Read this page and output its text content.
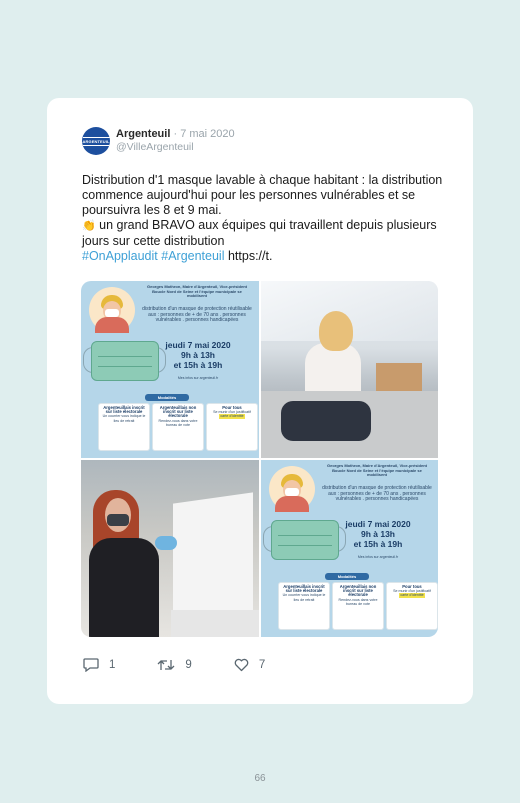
ARGENTEUIL
Argenteuil · 7 mai 2020
@VilleArgenteuil

Distribution d'1 masque lavable à chaque habitant : la distribution commence aujourd'hui pour les personnes vulnérables et se poursuivra les 8 et 9 mai.

👏 un grand BRAVO aux équipes qui travaillent depuis plusieurs jours sur cette distribution

#OnApplaudit #Argenteuil https://t.

Georges Mothron, Maire d'Argenteuil, Vice-président Boucle Nord de Seine et l'équipe municipale se mobilisent
distribution d'un masque de protection réutilisable aux : personnes de + de 70 ans . personnes vulnérables . personnes handicapées
jeudi 7 mai 2020
9h à 13h
et 15h à 19h
Mes infos sur argenteuil.fr
Modalités
Argenteuillais inscrit sur liste électorale
Un courrier vous indique le lieu de retrait
Argenteuillais non inscrit sur liste électorale
Rendez-vous dans votre bureau de vote
Pour tous
Se munir d'un justificatif
carte d'identité
Georges Mothron, Maire d'Argenteuil, Vice-président Boucle Nord de Seine et l'équipe municipale se mobilisent
distribution d'un masque de protection réutilisable aux : personnes de + de 70 ans . personnes vulnérables . personnes handicapées
jeudi 7 mai 2020
9h à 13h
et 15h à 19h
Mes infos sur argenteuil.fr
Modalités
Argenteuillais inscrit sur liste électorale
Un courrier vous indique le lieu de retrait
Argenteuillais non inscrit sur liste électorale
Rendez-vous dans votre bureau de vote
Pour tous
Se munir d'un justificatif
carte d'identité
1	9	7
66
